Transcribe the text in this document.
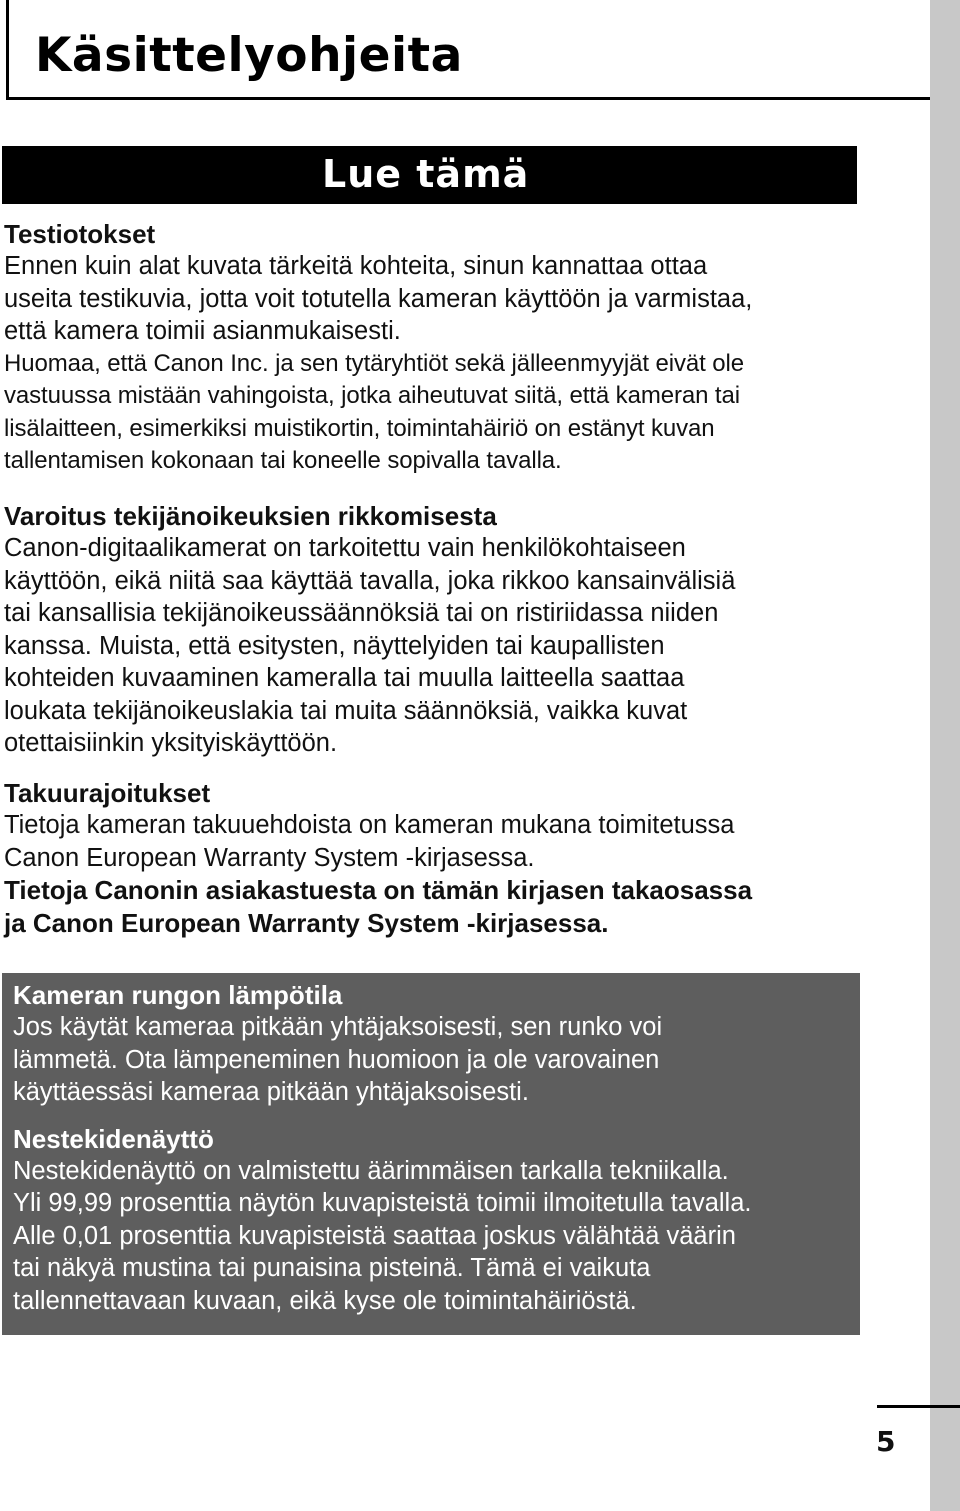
Käsittelyohjeita
Lue tämä
Testiotokset

Ennen kuin alat kuvata tärkeitä kohteita, sinun kannattaa ottaa

useita testikuvia, jotta voit totutella kameran käyttöön ja varmistaa,

että kamera toimii asianmukaisesti.

Huomaa, että Canon Inc. ja sen tytäryhtiöt sekä jälleenmyyjät eivät ole

vastuussa mistään vahingoista, jotka aiheutuvat siitä, että kameran tai

lisälaitteen, esimerkiksi muistikortin, toimintahäiriö on estänyt kuvan

tallentamisen kokonaan tai koneelle sopivalla tavalla.

Varoitus tekijänoikeuksien rikkomisesta

Canon-digitaalikamerat on tarkoitettu vain henkilökohtaiseen

käyttöön, eikä niitä saa käyttää tavalla, joka rikkoo kansainvälisiä

tai kansallisia tekijänoikeussäännöksiä tai on ristiriidassa niiden

kanssa. Muista, että esitysten, näyttelyiden tai kaupallisten

kohteiden kuvaaminen kameralla tai muulla laitteella saattaa

loukata tekijänoikeuslakia tai muita säännöksiä, vaikka kuvat

otettaisiinkin yksityiskäyttöön.

Takuurajoitukset

Tietoja kameran takuuehdoista on kameran mukana toimitetussa

Canon European Warranty System -kirjasessa.

Tietoja Canonin asiakastuesta on tämän kirjasen takaosassa

ja Canon European Warranty System -kirjasessa.

Kameran rungon lämpötila

Jos käytät kameraa pitkään yhtäjaksoisesti, sen runko voi

lämmetä. Ota lämpeneminen huomioon ja ole varovainen

käyttäessäsi kameraa pitkään yhtäjaksoisesti.

Nestekidenäyttö

Nestekidenäyttö on valmistettu äärimmäisen tarkalla tekniikalla.

Yli 99,99 prosenttia näytön kuvapisteistä toimii ilmoitetulla tavalla.

Alle 0,01 prosenttia kuvapisteistä saattaa joskus välähtää väärin

tai näkyä mustina tai punaisina pisteinä. Tämä ei vaikuta

tallennettavaan kuvaan, eikä kyse ole toimintahäiriöstä.

5
